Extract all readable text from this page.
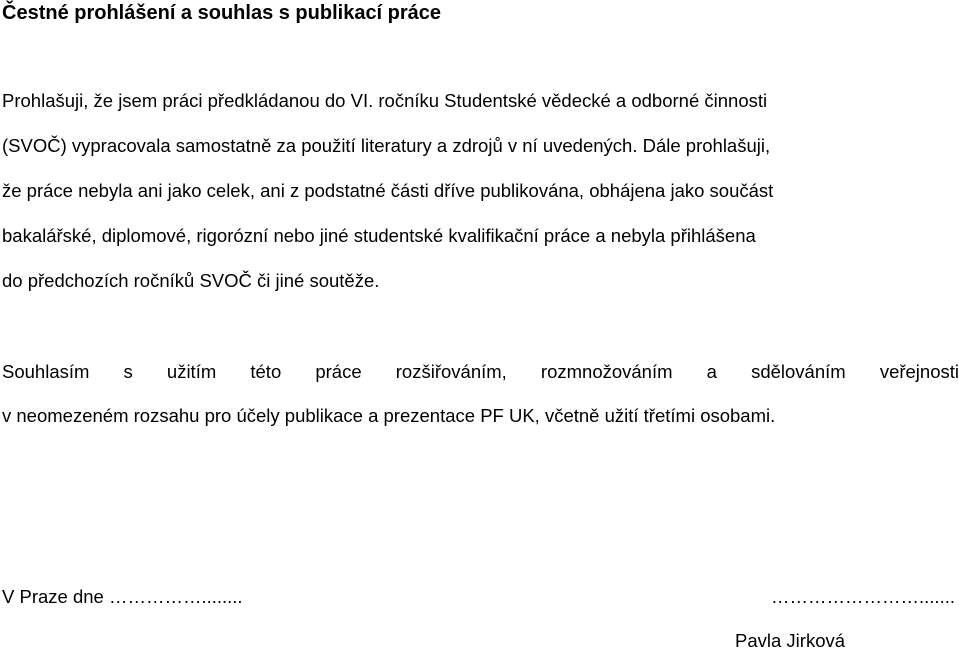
Čestné prohlášení a souhlas s publikací práce
Prohlašuji, že jsem práci předkládanou do VI. ročníku Studentské vědecké a odborné činnosti
(SVOČ) vypracovala samostatně za použití literatury a zdrojů v ní uvedených. Dále prohlašuji,
že práce nebyla ani jako celek, ani z podstatné části dříve publikována, obhájena jako součást
bakalářské, diplomové, rigorózní nebo jiné studentské kvalifikační práce a nebyla přihlášena
do předchozích ročníků SVOČ či jiné soutěže.
Souhlasím s užitím této práce rozšiřováním, rozmnožováním a sdělováním veřejnosti
v neomezeném rozsahu pro účely publikace a prezentace PF UK, včetně užití třetími osobami.
V Praze dne ……………........	…………………….......
Pavla Jirková
